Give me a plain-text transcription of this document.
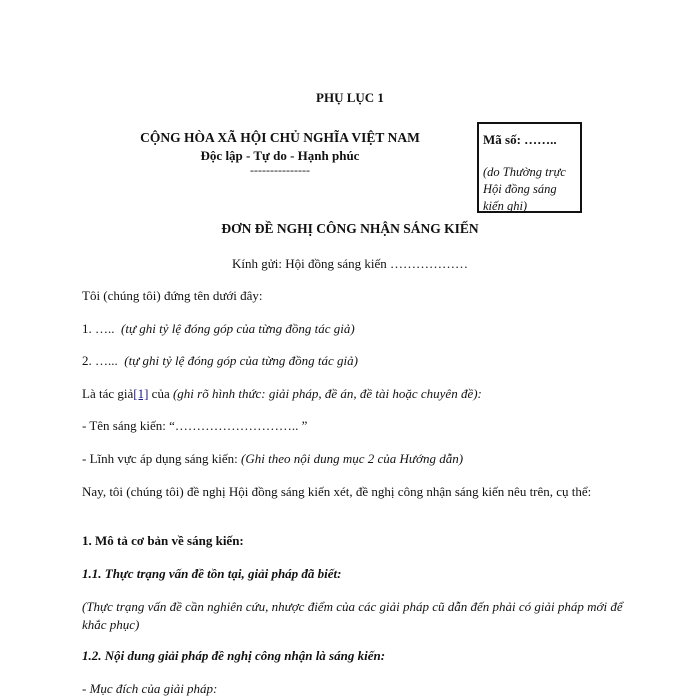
PHỤ LỤC 1
CỘNG HÒA XÃ HỘI CHỦ NGHĨA VIỆT NAM
Độc lập - Tự do - Hạnh phúc
---------------
Mã số: ……..
(do Thường trực Hội đồng sáng kiến ghi)
ĐƠN ĐỀ NGHỊ CÔNG NHẬN SÁNG KIẾN
Kính gửi: Hội đồng sáng kiến ………………
Tôi (chúng tôi) đứng tên dưới đây:
1. ….. (tự ghi tỷ lệ đóng góp của từng đồng tác giả)
2. …... (tự ghi tỷ lệ đóng góp của từng đồng tác giả)
Là tác giả[1] của (ghi rõ hình thức: giải pháp, đề án, đề tài hoặc chuyên đề):
- Tên sáng kiến: “……………………….. ”
- Lĩnh vực áp dụng sáng kiến: (Ghi theo nội dung mục 2 của Hướng dẫn)
Nay, tôi (chúng tôi) đề nghị Hội đồng sáng kiến xét, đề nghị công nhận sáng kiến nêu trên, cụ thể:
1. Mô tả cơ bản về sáng kiến:
1.1. Thực trạng vấn đề tồn tại, giải pháp đã biết:
(Thực trạng vấn đề cần nghiên cứu, nhược điểm của các giải pháp cũ dẫn đến phải có giải pháp mới để khắc phục)
1.2. Nội dung giải pháp đề nghị công nhận là sáng kiến:
- Mục đích của giải pháp:
